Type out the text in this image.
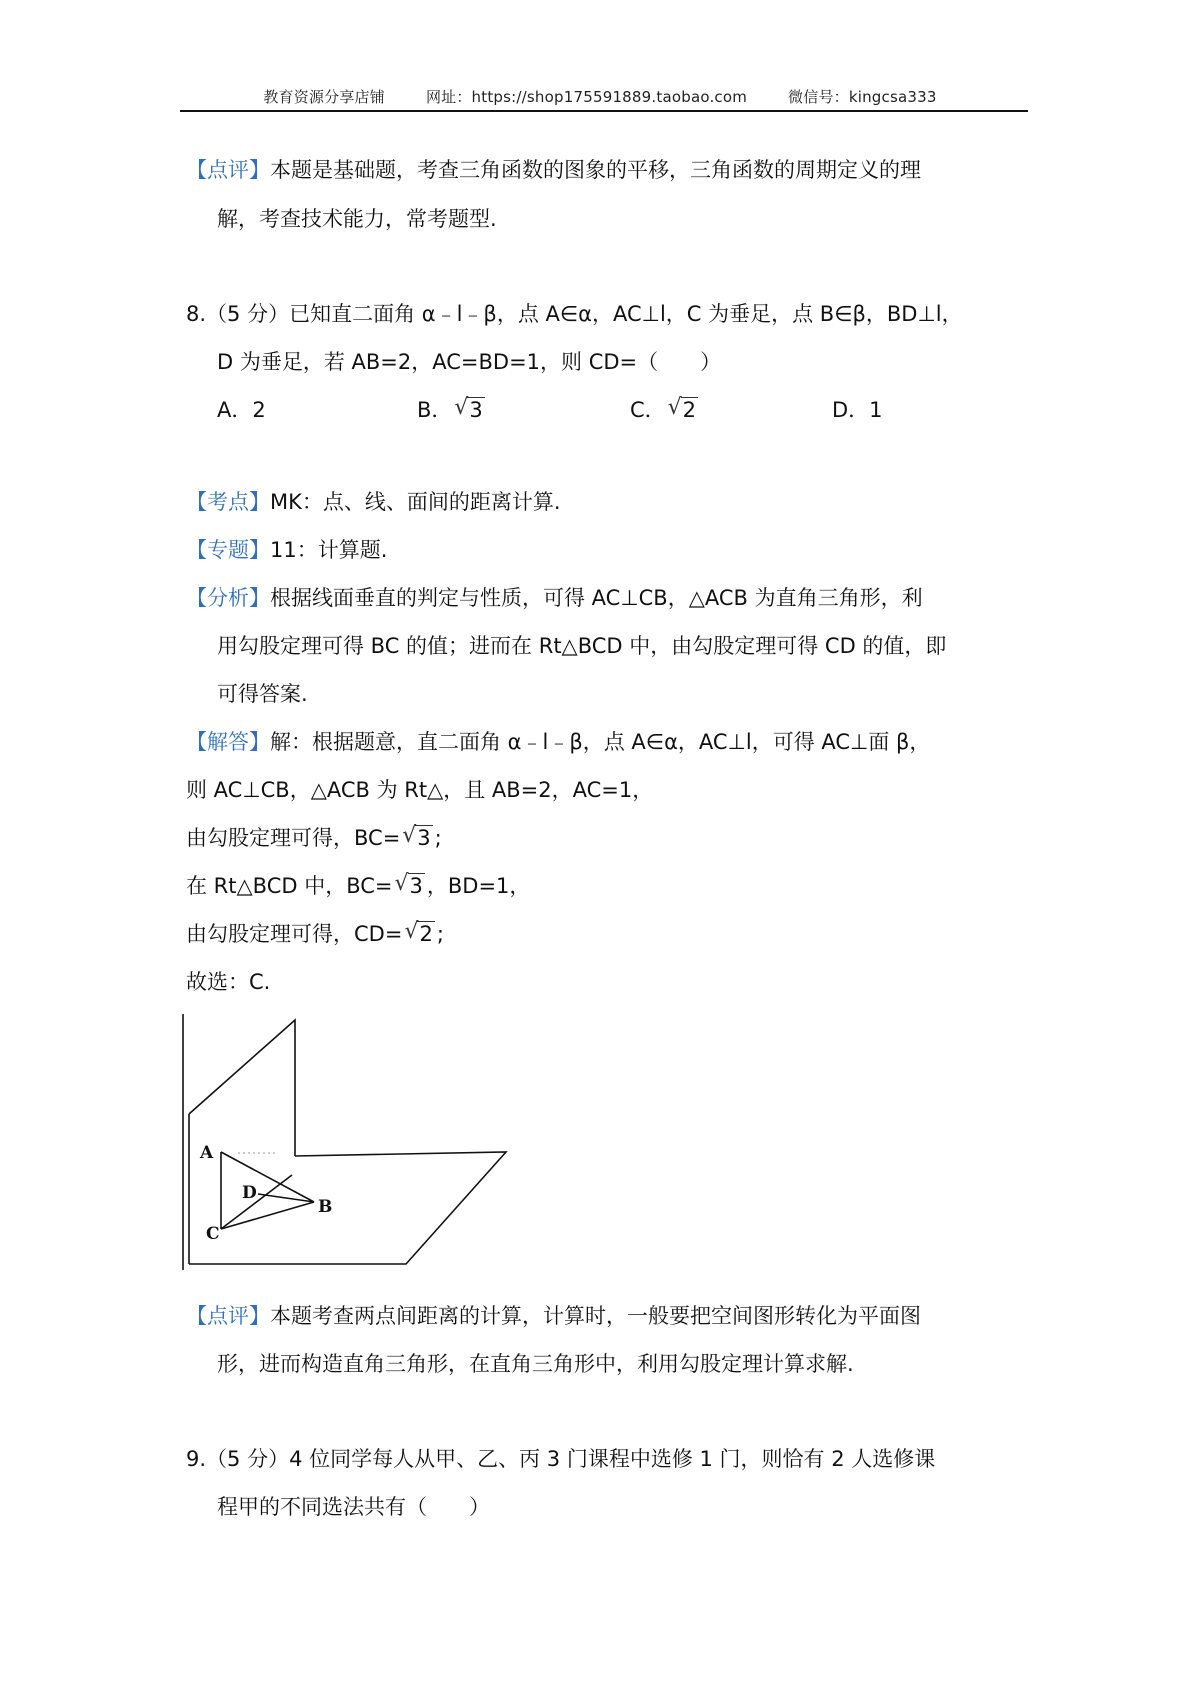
教育资源分享店铺	网址：https://shop175591889.taobao.com	微信号：kingcsa333
【点评】本题是基础题，考查三角函数的图象的平移，三角函数的周期定义的理
解，考查技术能力，常考题型.
8.（5 分）已知直二面角 α﹣l﹣β，点 A∈α，AC⊥l，C 为垂足，点 B∈β，BD⊥l，
D 为垂足，若 AB=2，AC=BD=1，则 CD=（　　）
A．2	B． √ 3	C． √ 2	D．1
【考点】MK：点、线、面间的距离计算.
【专题】11：计算题.
【分析】根据线面垂直的判定与性质，可得 AC⊥CB，△ACB 为直角三角形，利
用勾股定理可得 BC 的值；进而在 Rt△BCD 中，由勾股定理可得 CD 的值，即
可得答案.
【解答】解：根据题意，直二面角 α﹣l﹣β，点 A∈α，AC⊥l，可得 AC⊥面 β，
则 AC⊥CB，△ACB 为 Rt△，且 AB=2，AC=1，
由勾股定理可得，BC= √ 3 ;
在 Rt△BCD 中，BC= √ 3 ，BD=1，
由勾股定理可得，CD= √ 2 ;
故选：C.
A
C
D
B
【点评】本题考查两点间距离的计算，计算时，一般要把空间图形转化为平面图
形，进而构造直角三角形，在直角三角形中，利用勾股定理计算求解.
9.（5 分）4 位同学每人从甲、乙、丙 3 门课程中选修 1 门，则恰有 2 人选修课
程甲的不同选法共有（　　）
